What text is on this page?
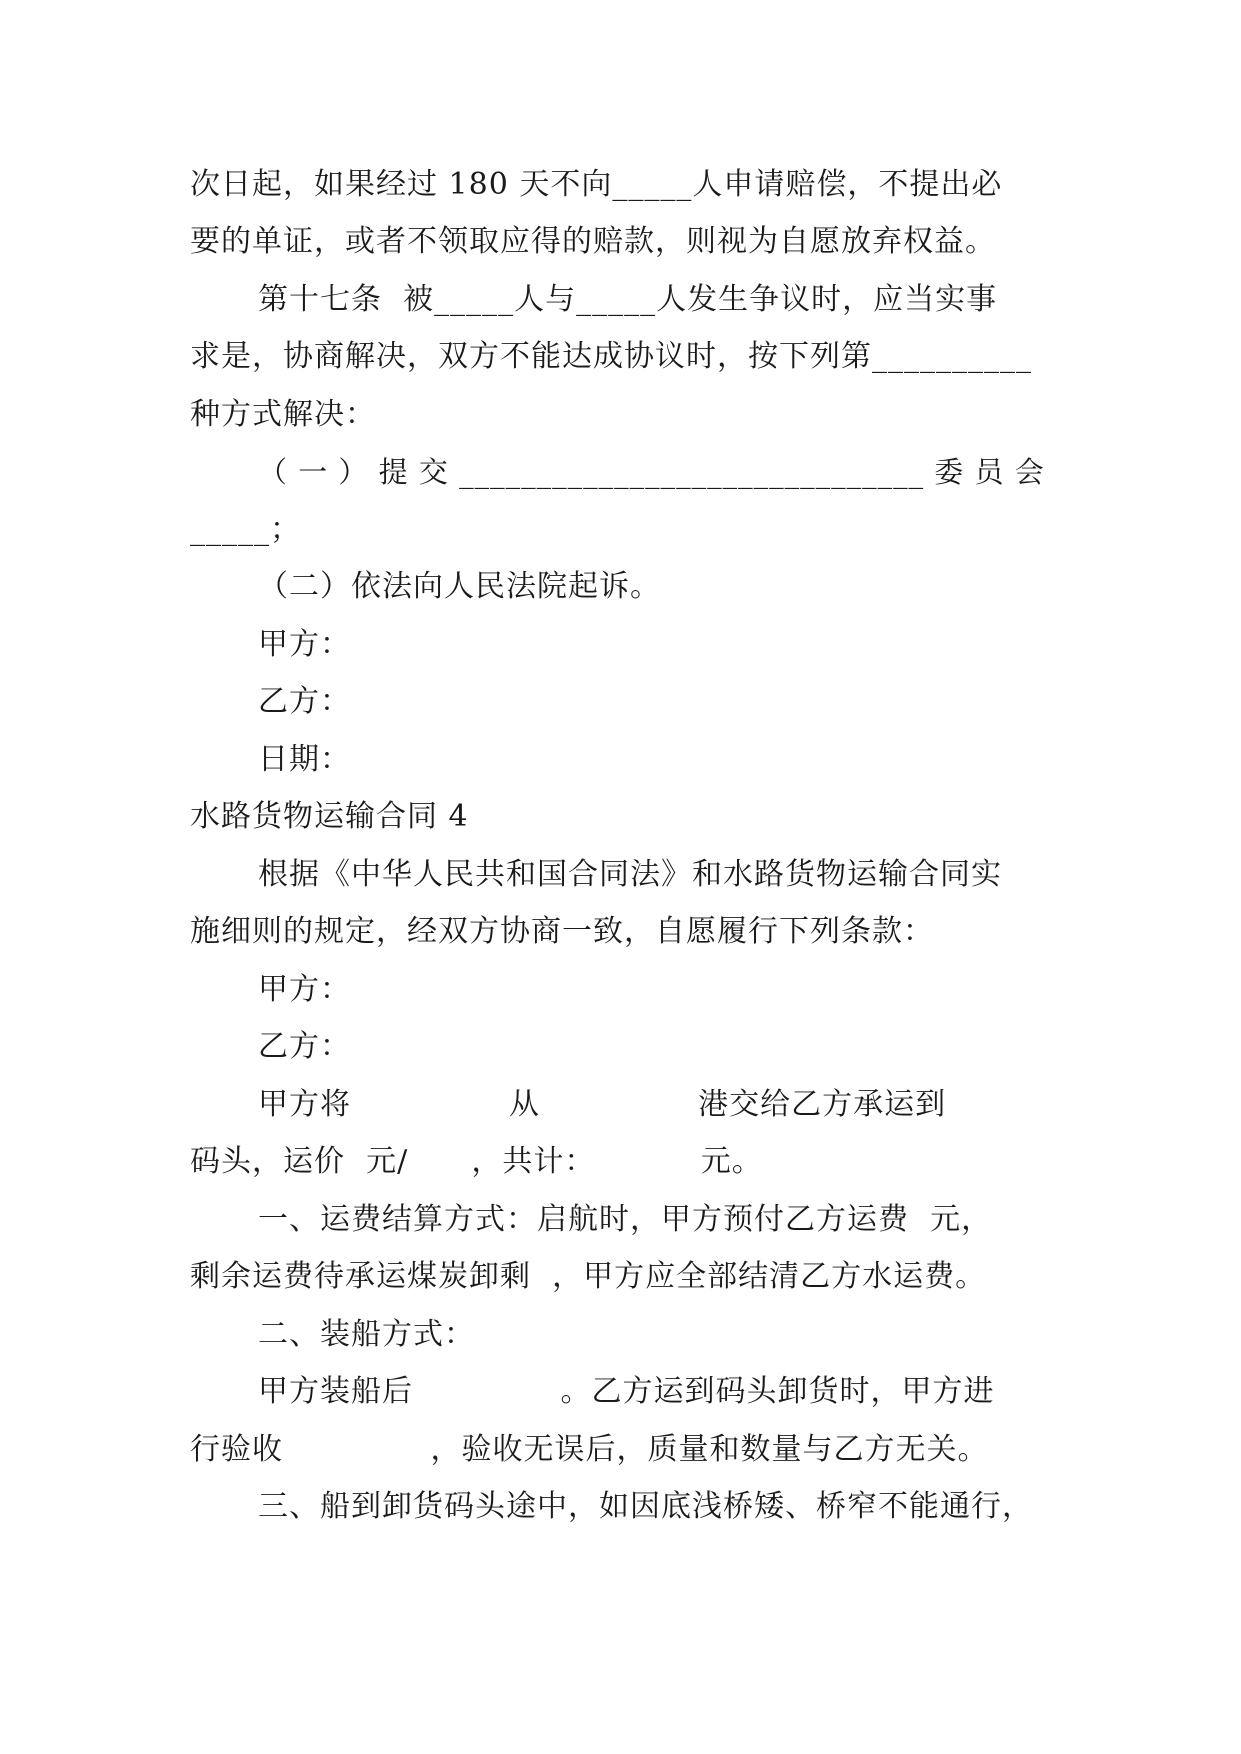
次日起，如果经过 180 天不向_____人申请赔偿，不提出必
要的单证，或者不领取应得的赔款，则视为自愿放弃权益。
第十七条  被_____人与_____人发生争议时，应当实事
求是，协商解决，双方不能达成协议时，按下列第__________
种方式解决：
（ 一 ） 提 交 ______________________________ 委 员 会
_____；
（二）依法向人民法院起诉。
甲方：
乙方：
日期：
水路货物运输合同 4
根据《中华人民共和国合同法》和水路货物运输合同实
施细则的规定，经双方协商一致，自愿履行下列条款：
甲方：
乙方：
甲方将               从               港交给乙方承运到
码头，运价  元/      ，共计：          元。
一、运费结算方式：启航时，甲方预付乙方运费  元，
剩余运费待承运煤炭卸剩  ，甲方应全部结清乙方水运费。
二、装船方式：
甲方装船后              。乙方运到码头卸货时，甲方进
行验收              ，验收无误后，质量和数量与乙方无关。
三、船到卸货码头途中，如因底浅桥矮、桥窄不能通行，
